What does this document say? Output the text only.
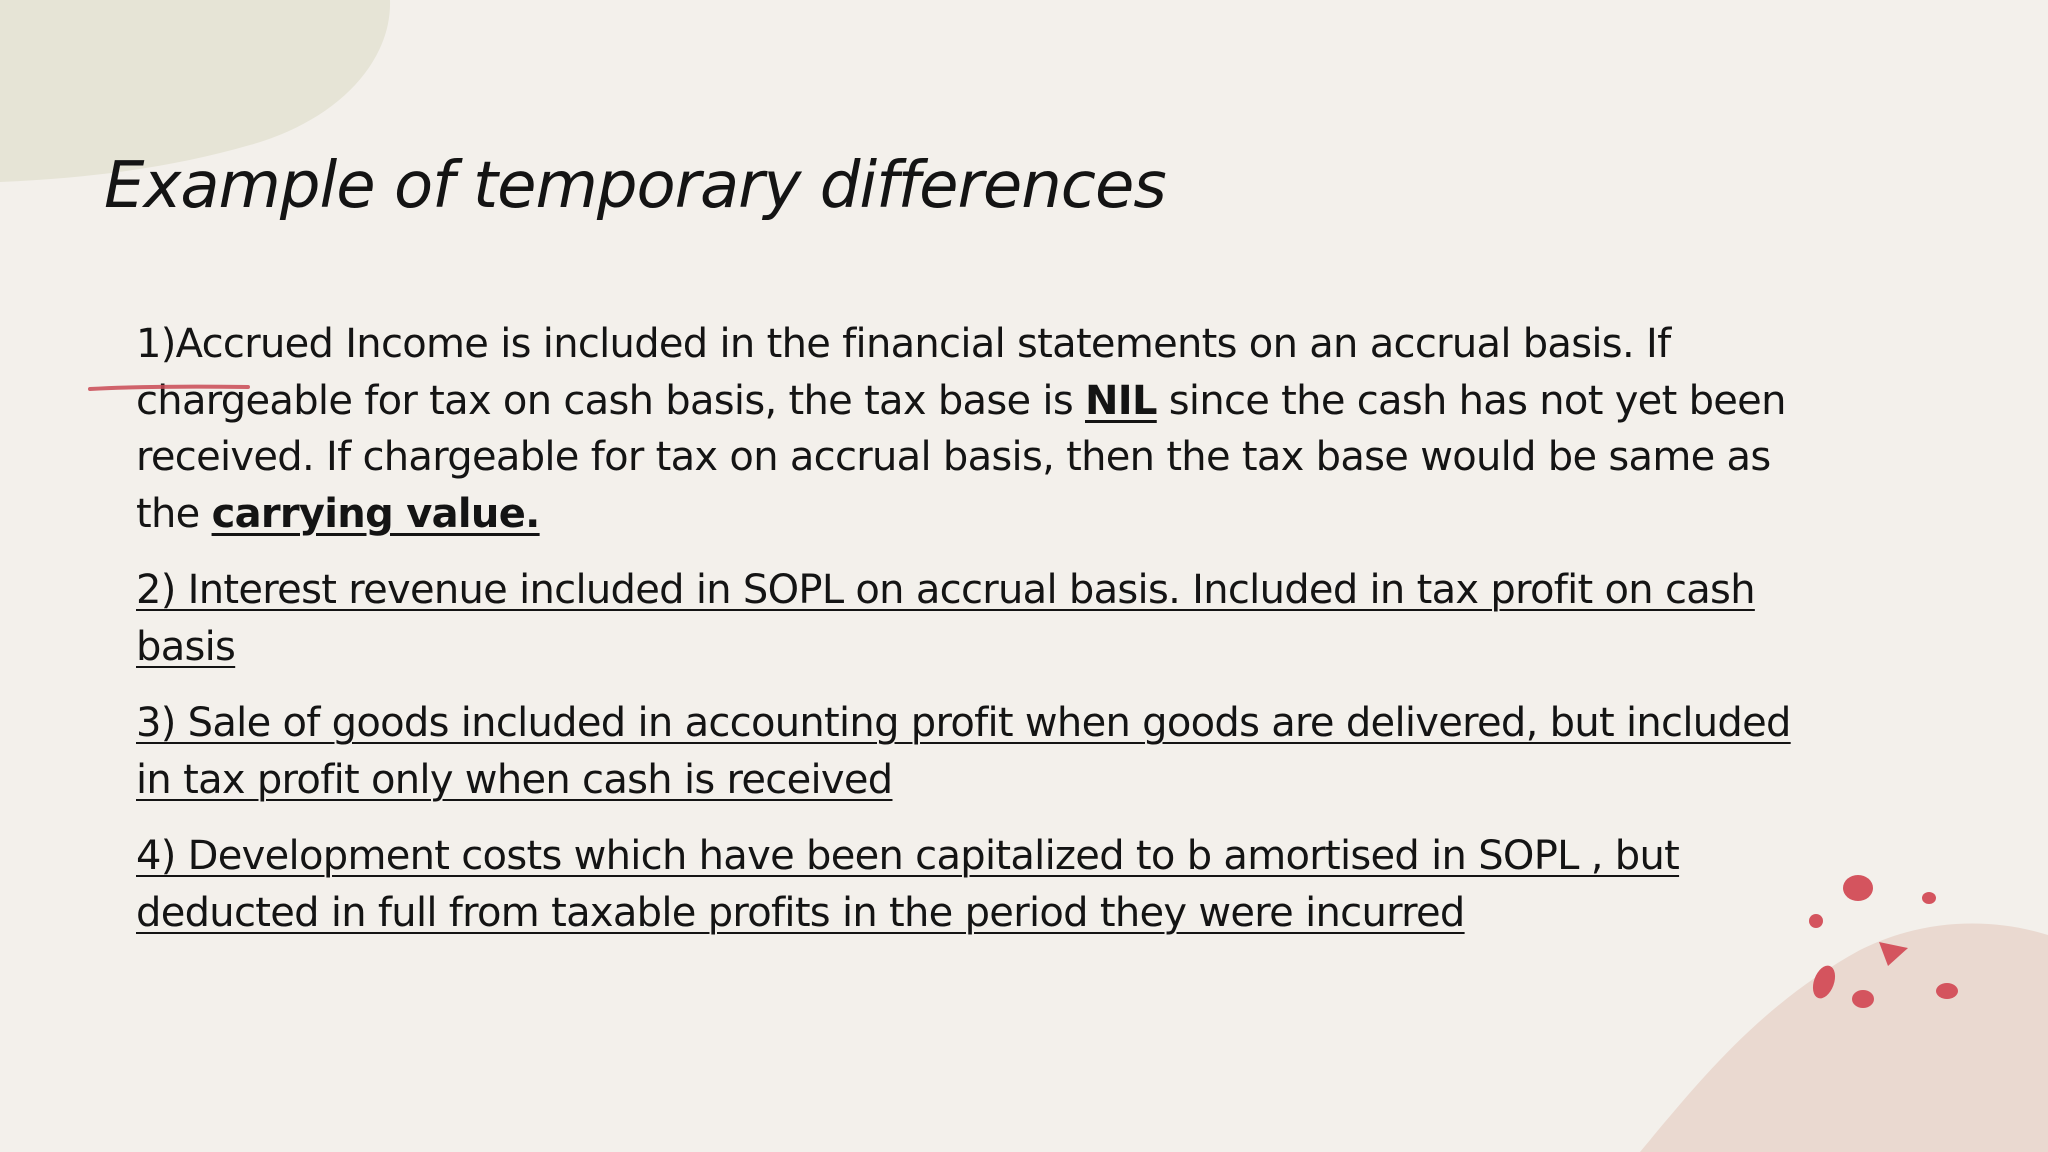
Example of temporary differences

1)Accrued Income is included in the financial statements on an accrual basis. If chargeable for tax on cash basis, the tax base is NIL since the cash has not yet been received. If chargeable for tax on accrual basis, then the tax base would be same as the carrying value.

2) Interest revenue included in SOPL on accrual basis. Included in tax profit on cash basis

3) Sale of goods included in accounting profit when goods are delivered, but included in tax profit only when cash is received

4) Development costs which have been capitalized to b amortised in SOPL , but deducted in full from taxable profits in the period they were incurred
